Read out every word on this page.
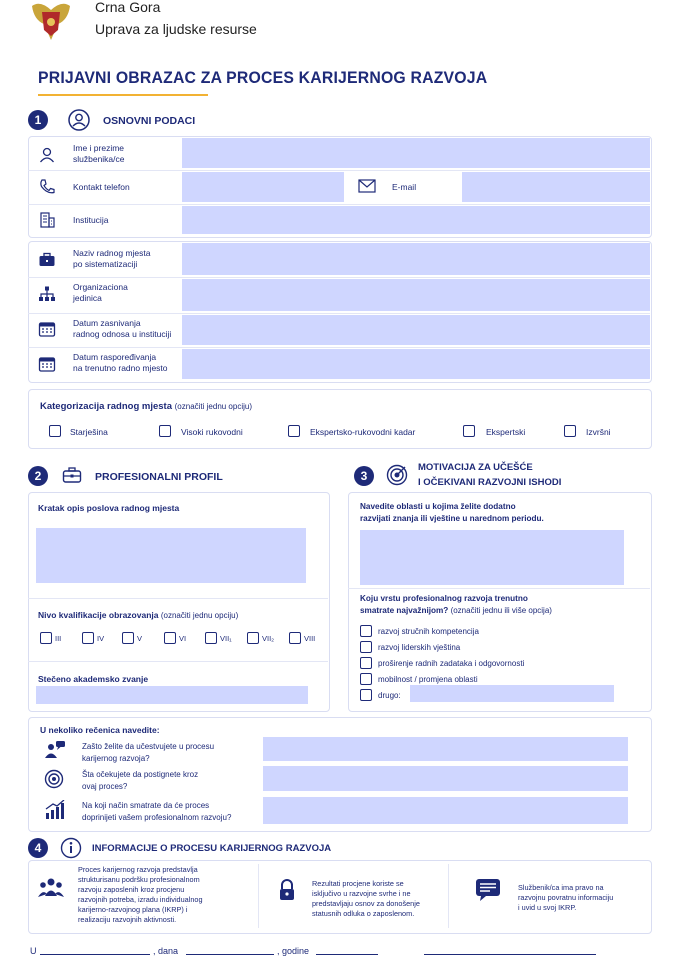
Crna Gora
Uprava za ljudske resurse
PRIJAVNI OBRAZAC ZA PROCES KARIJERNOG RAZVOJA
1	OSNOVNI PODACI
Ime i prezime
službenika/ce
Kontakt telefon	E-mail
Institucija
Naziv radnog mjesta
po sistematizaciji
Organizaciona
jedinica
Datum zasnivanja
radnog odnosa u instituciji
Datum raspoređivanja
na trenutno radno mjesto
Kategorizacija radnog mjesta (označiti jednu opciju)
Starješina	Visoki rukovodni	Ekspertsko-rukovodni kadar	Ekspertski	Izvršni
2	PROFESIONALNI PROFIL
Kratak opis poslova radnog mjesta
Nivo kvalifikacije obrazovanja (označiti jednu opciju)
III	IV	V	VI	VII₁	VII₂	VIII
Stečeno akademsko zvanje
3
MOTIVACIJA ZA UČEŠĆE
I OČEKIVANI RAZVOJNI ISHODI
Navedite oblasti u kojima želite dodatno
razvijati znanja ili vještine u narednom periodu.
Koju vrstu profesionalnog razvoja trenutno
smatrate najvažnijom? (označiti jednu ili više opcija)
razvoj stručnih kompetencija
razvoj liderskih vještina
proširenje radnih zadataka i odgovornosti
mobilnost / promjena oblasti
drugo:
U nekoliko rečenica navedite:
Zašto želite da učestvujete u procesu
karijernog razvoja?
Šta očekujete da postignete kroz
ovaj proces?
Na koji način smatrate da će proces
doprinijeti vašem profesionalnom razvoju?
4	INFORMACIJE O PROCESU KARIJERNOG RAZVOJA
Proces karijernog razvoja predstavlja
strukturisanu podršku profesionalnom
razvoju zaposlenih kroz procjenu
razvojnih potreba, izradu individualnog
karijerno-razvojnog plana (IKRP) i
realizaciju razvojnih aktivnosti.
Rezultati procjene koriste se
isključivo u razvojne svrhe i ne
predstavljaju osnov za donošenje
statusnih odluka o zaposlenom.
Službenik/ca ima pravo na
razvojnu povratnu informaciju
i uvid u svoj IKRP.
U	, dana	, godine
